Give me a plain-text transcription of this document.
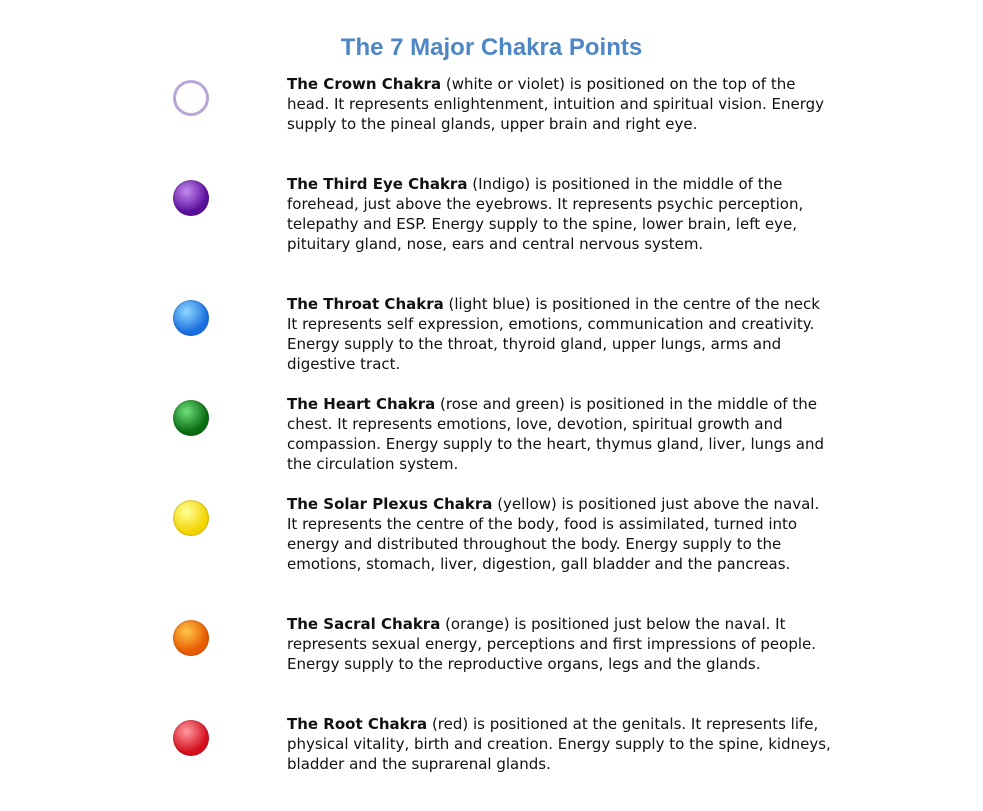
The 7 Major Chakra Points

The Crown Chakra (white or violet) is positioned on the top of the head. It represents enlightenment, intuition and spiritual vision. Energy supply to the pineal glands, upper brain and right eye.

The Third Eye Chakra (Indigo) is positioned in the middle of the forehead, just above the eyebrows. It represents psychic perception, telepathy and ESP. Energy supply to the spine, lower brain, left eye, pituitary gland, nose, ears and central nervous system.

The Throat Chakra (light blue) is positioned in the centre of the neck It represents self expression, emotions, communication and creativity. Energy supply to the throat, thyroid gland, upper lungs, arms and digestive tract.

The Heart Chakra (rose and green) is positioned in the middle of the chest. It represents emotions, love, devotion, spiritual growth and compassion. Energy supply to the heart, thymus gland, liver, lungs and the circulation system.

The Solar Plexus Chakra (yellow) is positioned just above the naval. It represents the centre of the body, food is assimilated, turned into energy and distributed throughout the body. Energy supply to the emotions, stomach, liver, digestion, gall bladder and the pancreas.

The Sacral Chakra (orange) is positioned just below the naval. It represents sexual energy, perceptions and first impressions of people. Energy supply to the reproductive organs, legs and the glands.

The Root Chakra (red) is positioned at the genitals. It represents life, physical vitality, birth and creation. Energy supply to the spine, kidneys, bladder and the suprarenal glands.
